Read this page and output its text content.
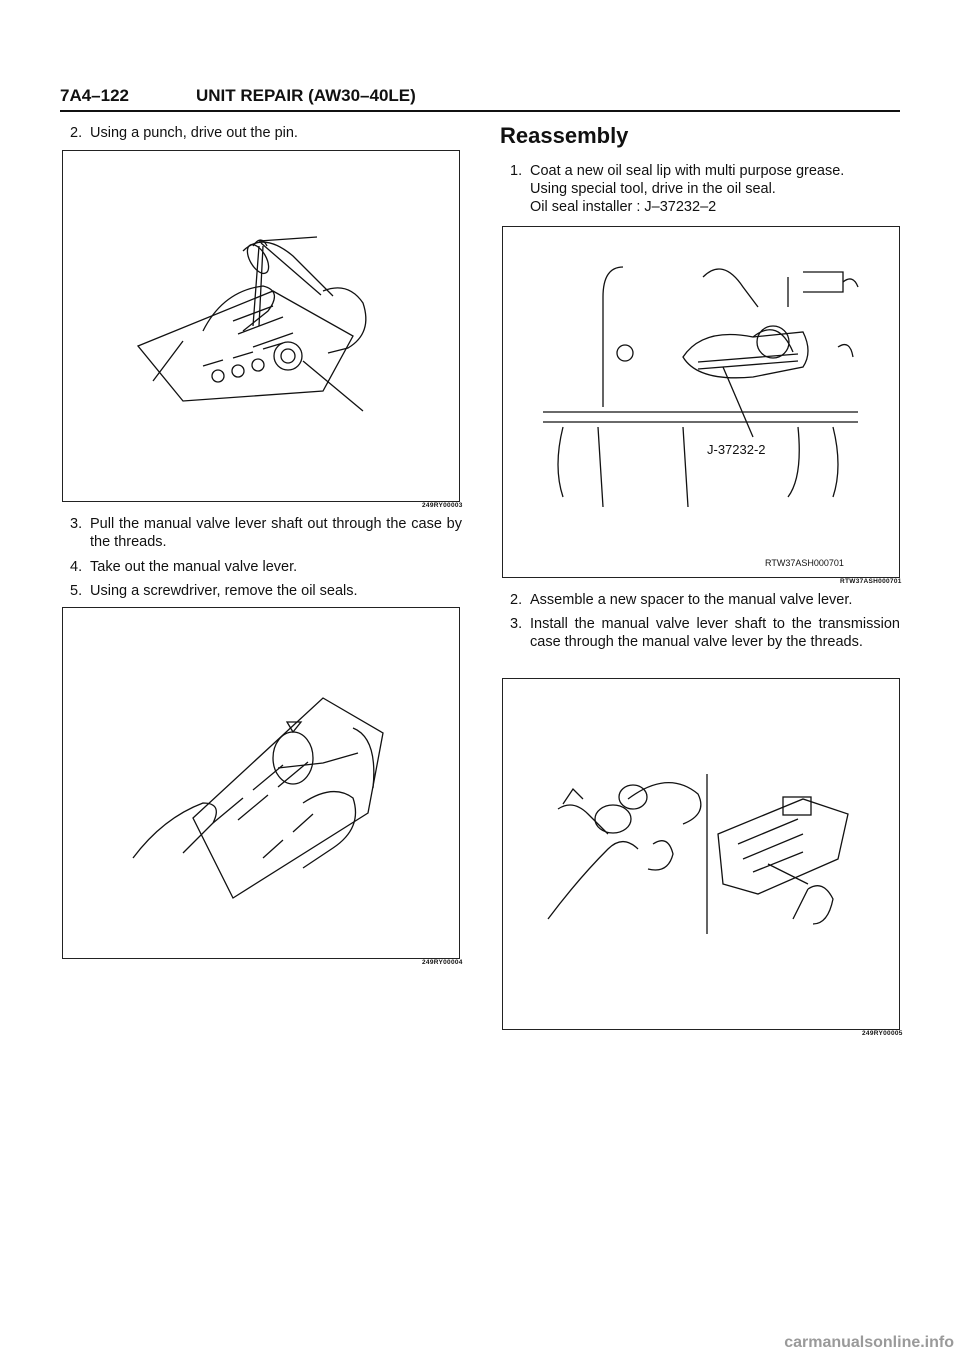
7A4–122	UNIT REPAIR (AW30–40LE)
2. Using a punch, drive out the pin.
249RY00003
3. Pull the manual valve lever shaft out through the case by the threads.
4. Take out the manual valve lever.
5. Using a screwdriver, remove the oil seals.
249RY00004
Reassembly
1. Coat a new oil seal lip with multi purpose grease.
Using special tool, drive in the oil seal.
Oil seal installer : J–37232–2
J-37232-2
RTW37ASH000701
RTW37ASH000701
2. Assemble a new spacer to the manual valve lever.
3. Install the manual valve lever shaft to the transmission case through the manual valve lever by the threads.
249RY00005
carmanualsonline.info
